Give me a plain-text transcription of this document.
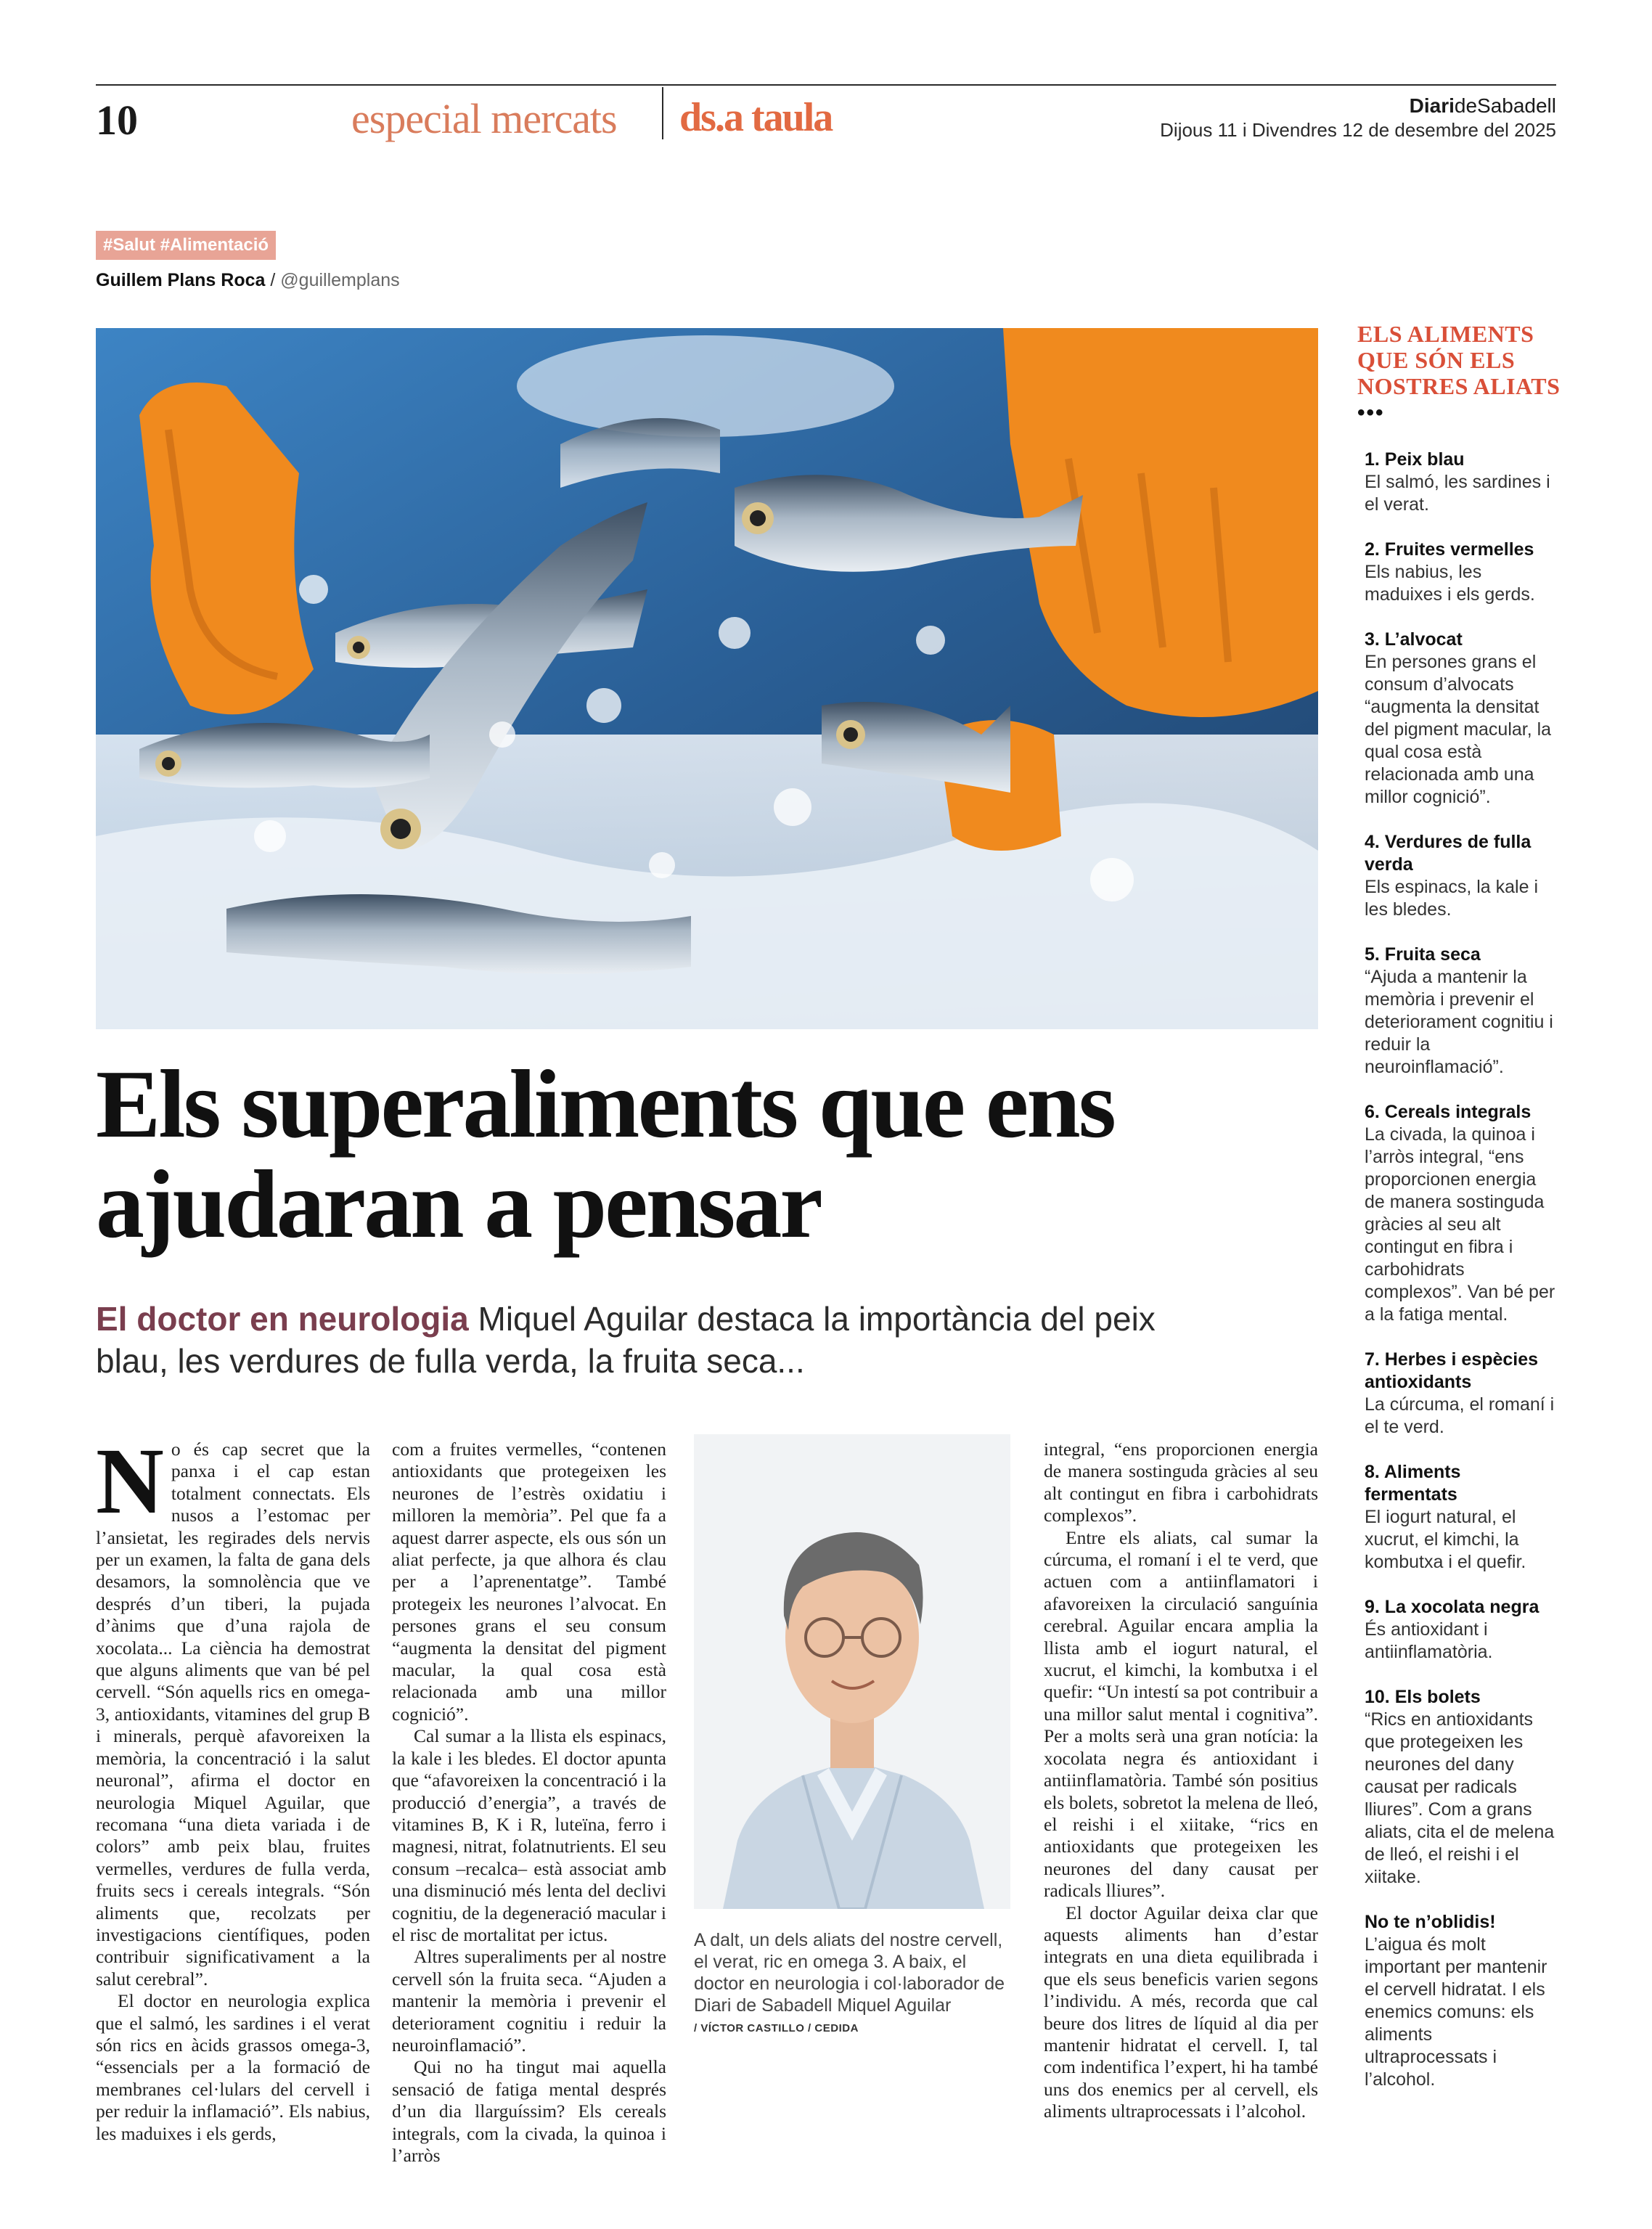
10	especial mercats ds.a taula	DiarideSabadell
Dijous 11 i Divendres 12 de desembre del 2025
#Salut #Alimentació
Guillem Plans Roca / @guillemplans
Els superaliments que ens ajudaran a pensar
El doctor en neurologia Miquel Aguilar destaca la importància del peix blau, les verdures de fulla verda, la fruita seca...

No és cap secret que la panxa i el cap estan totalment connectats. Els nusos a l’estomac per l’ansietat, les regirades dels nervis per un examen, la falta de gana dels desamors, la somnolència que ve després d’un tiberi, la pujada d’ànims que d’una rajola de xocolata... La ciència ha demostrat que alguns aliments que van bé pel cervell. “Són aquells rics en omega-3, antioxidants, vitamines del grup B i minerals, perquè afavoreixen la memòria, la concentració i la salut neuronal”, afirma el doctor en neurologia Miquel Aguilar, que recomana “una dieta variada i de colors” amb peix blau, fruites vermelles, verdures de fulla verda, fruits secs i cereals integrals. “Són aliments que, recolzats per investigacions científiques, poden contribuir significativament a la salut cerebral”.

El doctor en neurologia explica que el salmó, les sardines i el verat són rics en àcids grassos omega-3, “essencials per a la formació de membranes cel·lulars del cervell i per reduir la inflamació”. Els nabius, les maduixes i els gerds,

com a fruites vermelles, “contenen antioxidants que protegeixen les neurones de l’estrès oxidatiu i milloren la memòria”. Pel que fa a aquest darrer aspecte, els ous són un aliat perfecte, ja que alhora és clau per a l’aprenentatge”. També protegeix les neurones l’alvocat. En persones grans el seu consum “augmenta la densitat del pigment macular, la qual cosa està relacionada amb una millor cognició”.

Cal sumar a la llista els espinacs, la kale i les bledes. El doctor apunta que “afavoreixen la concentració i la producció d’energia”, a través de vitamines B, K i R, luteïna, ferro i magnesi, nitrat, folatnutrients. El seu consum –recalca– està associat amb una disminució més lenta del declivi cognitiu, de la degeneració macular i el risc de mortalitat per ictus.

Altres superaliments per al nostre cervell són la fruita seca. “Ajuden a mantenir la memòria i prevenir el deteriorament cognitiu i reduir la neuroinflamació”.

Qui no ha tingut mai aquella sensació de fatiga mental després d’un dia llarguíssim? Els cereals integrals, com la civada, la quinoa i l’arròs

A dalt, un dels aliats del nostre cervell, el verat, ric en omega 3. A baix, el doctor en neurologia i col·laborador de Diari de Sabadell Miquel Aguilar
/ VÍCTOR CASTILLO / CEDIDA

integral, “ens proporcionen energia de manera sostinguda gràcies al seu alt contingut en fibra i carbohidrats complexos”.

Entre els aliats, cal sumar la cúrcuma, el romaní i el te verd, que actuen com a antiinflamatori i afavoreixen la circulació sanguínia cerebral. Aguilar encara amplia la llista amb el iogurt natural, el xucrut, el kimchi, la kombutxa i el quefir: “Un intestí sa pot contribuir a una millor salut mental i cognitiva”. Per a molts serà una gran notícia: la xocolata negra és antioxidant i antiinflamatòria. També són positius els bolets, sobretot la melena de lleó, el reishi i el xiitake, “rics en antioxidants que protegeixen les neurones del dany causat per radicals lliures”.

El doctor Aguilar deixa clar que aquests aliments han d’estar integrats en una dieta equilibrada i que els seus beneficis varien segons l’individu. A més, recorda que cal beure dos litres de líquid al dia per mantenir hidratat el cervell. I, tal com indentifica l’expert, hi ha també uns dos enemics per al cervell, els aliments ultraprocessats i l’alcohol.

ELS ALIMENTS QUE SÓN ELS NOSTRES ALIATS
•••
1. Peix blau
El salmó, les sardines i el verat.
2. Fruites vermelles
Els nabius, les maduixes i els gerds.
3. L’alvocat
En persones grans el consum d’alvocats “augmenta la densitat del pigment macular, la qual cosa està relacionada amb una millor cognició”.
4. Verdures de fulla verda
Els espinacs, la kale i les bledes.
5. Fruita seca
“Ajuda a mantenir la memòria i prevenir el deteriorament cognitiu i reduir la neuroinflamació”.
6. Cereals integrals
La civada, la quinoa i l’arròs integral, “ens proporcionen energia de manera sostinguda gràcies al seu alt contingut en fibra i carbohidrats complexos”. Van bé per a la fatiga mental.
7. Herbes i espècies antioxidants
La cúrcuma, el romaní i el te verd.
8. Aliments fermentats
El iogurt natural, el xucrut, el kimchi, la kombutxa i el quefir.
9. La xocolata negra
És antioxidant i antiinflamatòria.
10. Els bolets
“Rics en antioxidants que protegeixen les neurones del dany causat per radicals lliures”. Com a grans aliats, cita el de melena de lleó, el reishi i el xiitake.
No te n’oblidis! L’aigua és molt important per mantenir el cervell hidratat. I els enemics comuns: els aliments ultraprocessats i l’alcohol.
